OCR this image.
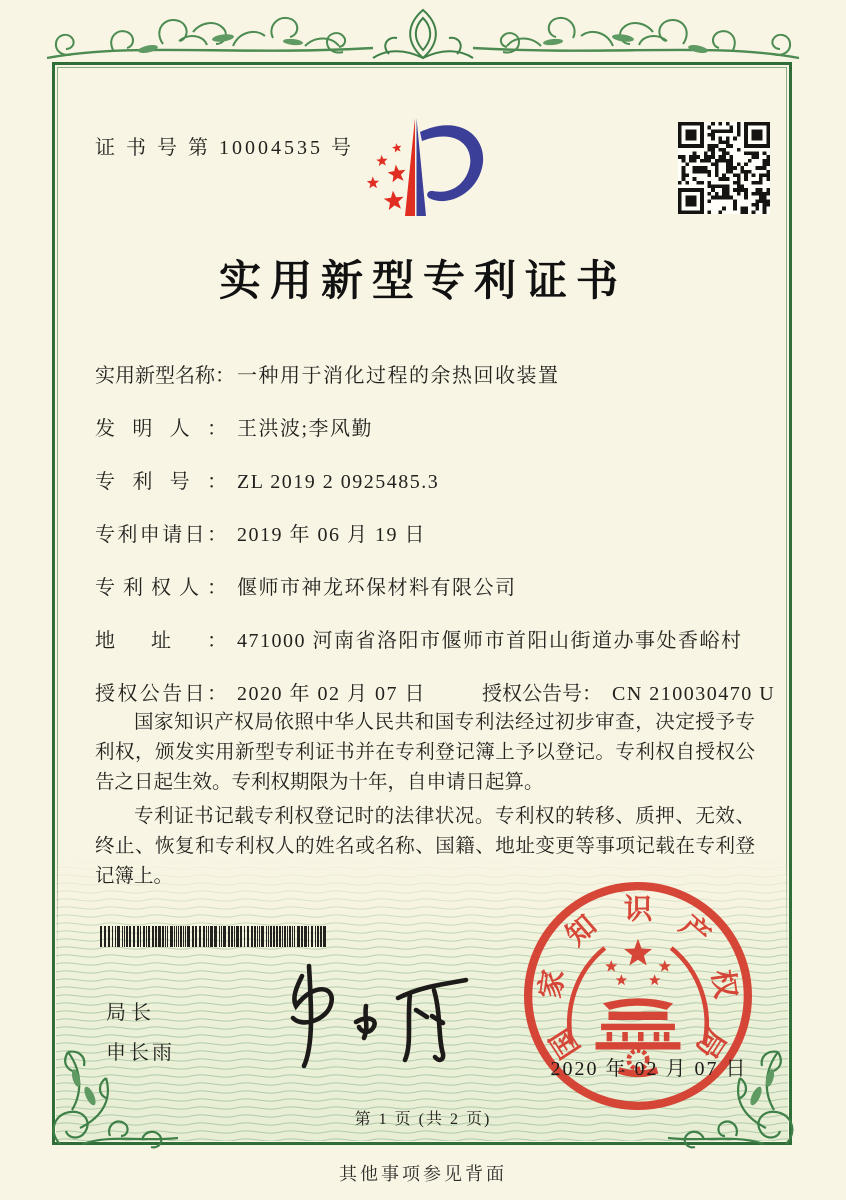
证 书 号 第 10004535 号
实用新型专利证书
实用新型名称： 一种用于消化过程的余热回收装置
发明人： 王洪波;李风勤
专利号： ZL 2019 2 0925485.3
专利申请日： 2019 年 06 月 19 日
专利权人： 偃师市神龙环保材料有限公司
地址： 471000 河南省洛阳市偃师市首阳山街道办事处香峪村
授权公告日： 2020 年 02 月 07 日	授权公告号： CN 210030470 U

国家知识产权局依照中华人民共和国专利法经过初步审查，决定授予专利权，颁发实用新型专利证书并在专利登记簿上予以登记。专利权自授权公告之日起生效。专利权期限为十年，自申请日起算。

专利证书记载专利权登记时的法律状况。专利权的转移、质押、无效、终止、恢复和专利权人的姓名或名称、国籍、地址变更等事项记载在专利登记簿上。

局长
申长雨	国
家
知 识 产
权
局
2020 年 02 月 07 日
第 1 页 (共 2 页)
其他事项参见背面
